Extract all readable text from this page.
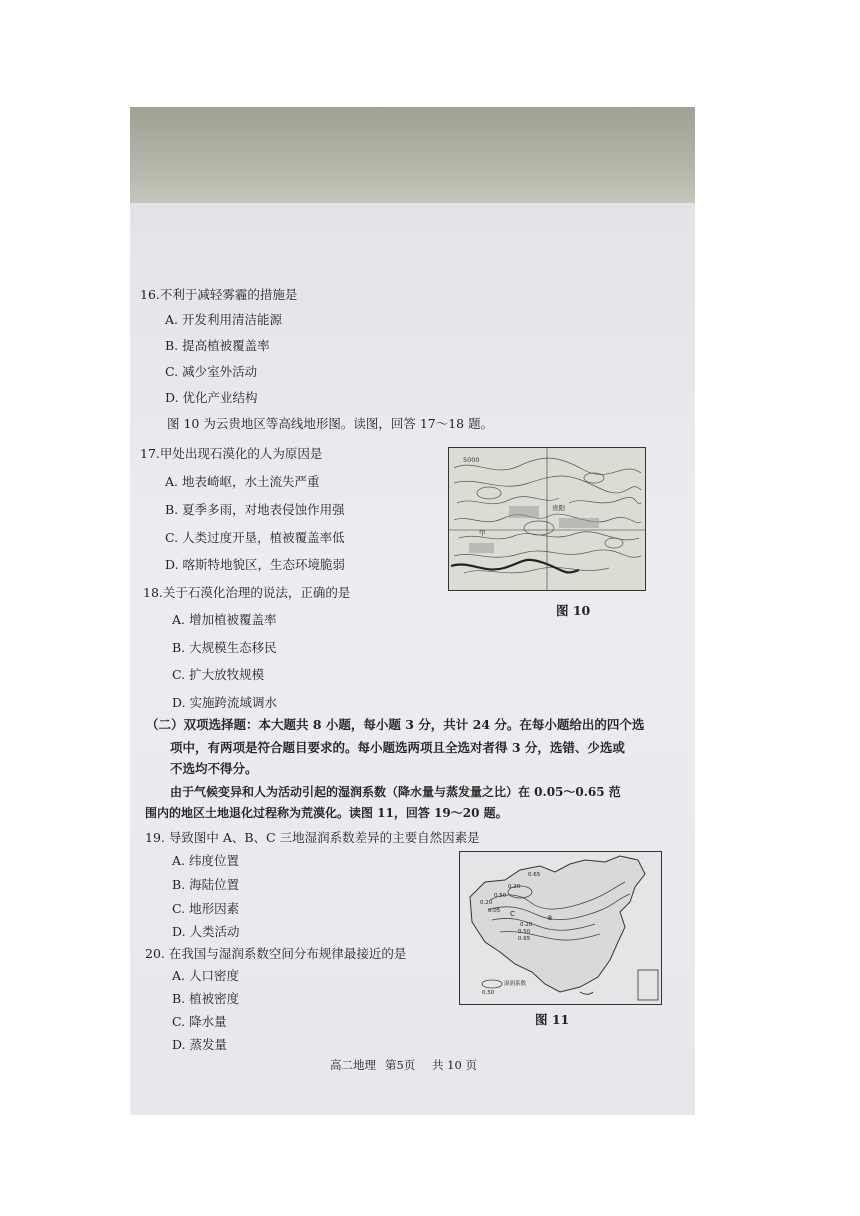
16.不利于减轻雾霾的措施是
A. 开发利用清洁能源
B. 提高植被覆盖率
C. 减少室外活动
D. 优化产业结构
图 10 为云贵地区等高线地形图。读图，回答 17～18 题。
17.甲处出现石漠化的人为原因是
A. 地表崎岖，水土流失严重
B. 夏季多雨，对地表侵蚀作用强
C. 人类过度开垦，植被覆盖率低
D. 喀斯特地貌区，生态环境脆弱
18.关于石漠化治理的说法，正确的是
A. 增加植被覆盖率
B. 大规模生态移民
C. 扩大放牧规模
D. 实施跨流域调水
5000
贵阳
甲
图 10
（二）双项选择题：本大题共 8 小题，每小题 3 分，共计 24 分。在每小题给出的四个选
项中，有两项是符合题目要求的。每小题选两项且全选对者得 3 分，选错、少选或
不选均不得分。
由于气候变异和人为活动引起的湿润系数（降水量与蒸发量之比）在 0.05～0.65 范
围内的地区土地退化过程称为荒漠化。读图 11，回答 19～20 题。
19. 导致图中 A、B、C 三地湿润系数差异的主要自然因素是
A. 纬度位置
B. 海陆位置
C. 地形因素
D. 人类活动
20. 在我国与湿润系数空间分布规律最接近的是
A. 人口密度
B. 植被密度
C. 降水量
D. 蒸发量
0.65
0.20
0.50
0.20
0.05 C
B
0.20
0.50
0.65
湿润系数
0.50
图 11
高二地理 第5页 共 10 页
